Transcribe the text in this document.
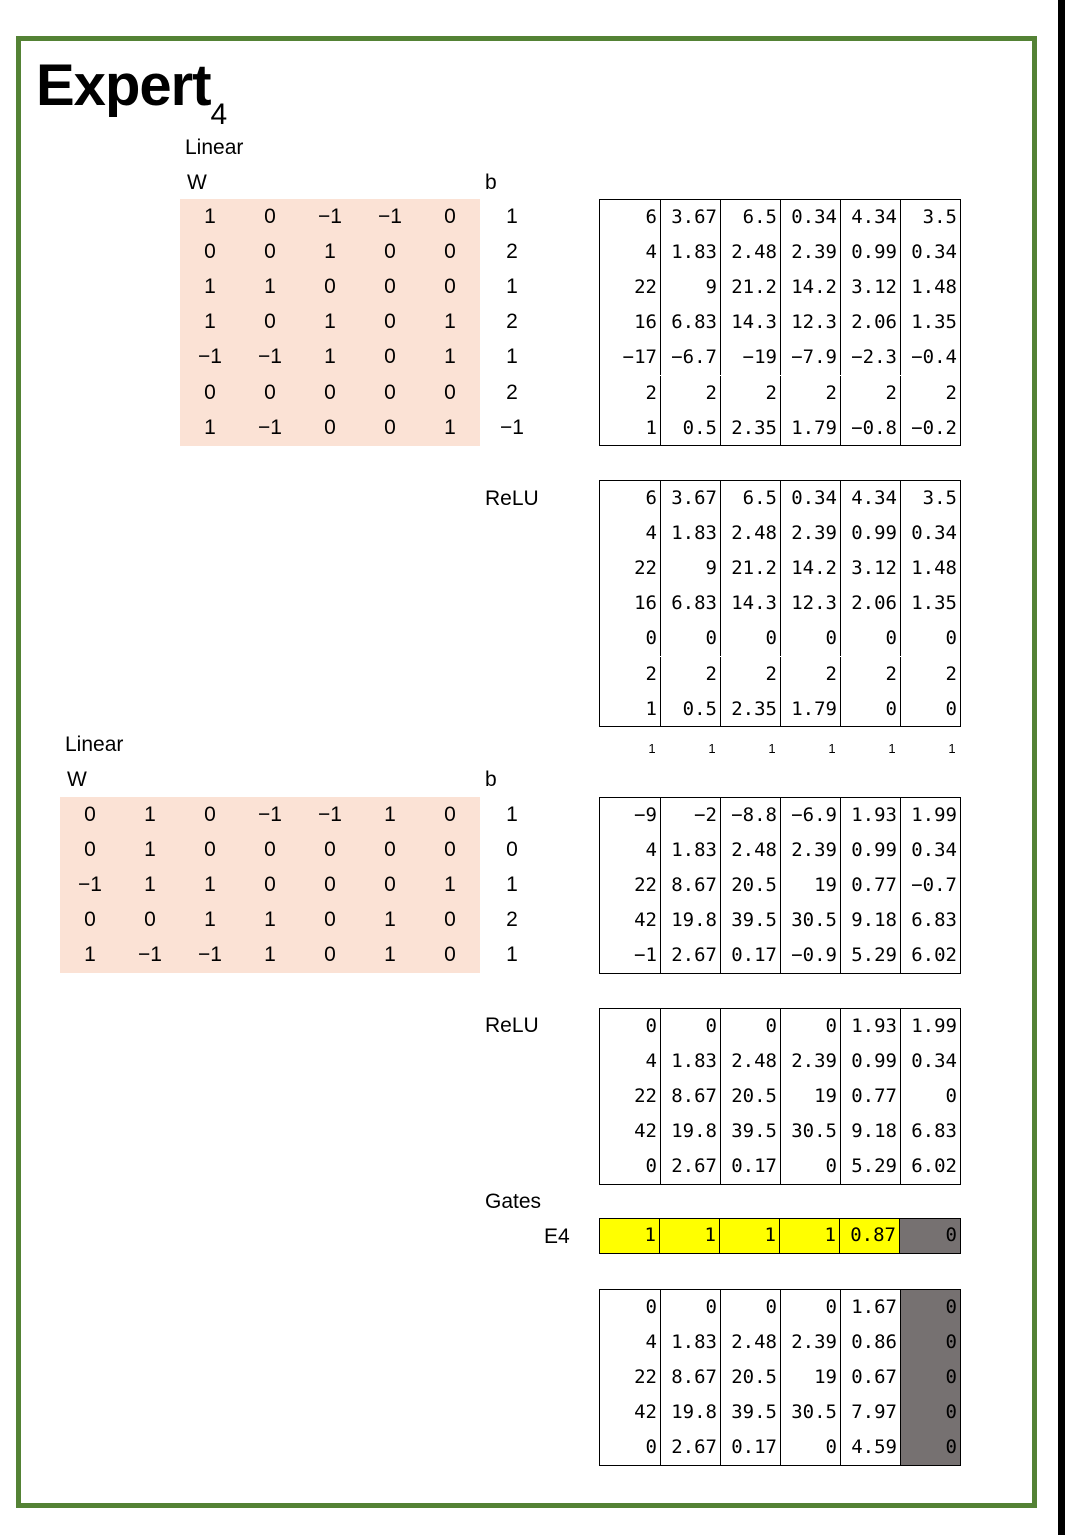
Expert$_4$
Linear
W	b
ReLU
1	0	−1	−1	0
0	0	1	0	0
1	1	0	0	0
1	0	1	0	1
−1	−1	1	0	1
0	0	0	0	0
1	−1	0	0	1
1
2
1
2
1
2
−1
6 3.67	6.5 0.34 4.34	3.5
4 1.83 2.48 2.39 0.99 0.34
22	9 21.2 14.2 3.12 1.48
16 6.83 14.3 12.3 2.06 1.35
−17 −6.7	−19 −7.9 −2.3 −0.4
2	2	2	2	2	2
1	0.5 2.35 1.79 −0.8 −0.2
6 3.67	6.5 0.34 4.34	3.5
4 1.83 2.48 2.39 0.99 0.34
22	9 21.2 14.2 3.12 1.48
16 6.83 14.3 12.3 2.06 1.35
0	0	0	0	0	0
2	2	2	2	2	2
1	0.5 2.35 1.79	0	0
1	1	1	1	1	1
Linear
W	b
ReLU
0	1	0	−1	−1	1	0
0	1	0	0	0	0	0
−1	1	1	0	0	0	1
0	0	1	1	0	1	0
1	−1	−1	1	0	1	0
1
0
1
2
1
−9	−2 −8.8 −6.9 1.93 1.99
4 1.83 2.48 2.39 0.99 0.34
22 8.67 20.5	19 0.77 −0.7
42 19.8 39.5 30.5 9.18 6.83
−1 2.67 0.17 −0.9 5.29 6.02
0	0	0	0 1.93 1.99
4 1.83 2.48 2.39 0.99 0.34
22 8.67 20.5	19 0.77	0
42 19.8 39.5 30.5 9.18 6.83
0 2.67 0.17	0 5.29 6.02
Gates
E4	1	1	1	1 0.87	0
0	0	0	0 1.67	0
4 1.83 2.48 2.39 0.86	0
22 8.67 20.5	19 0.67	0
42 19.8 39.5 30.5 7.97	0
0 2.67 0.17	0 4.59	0
